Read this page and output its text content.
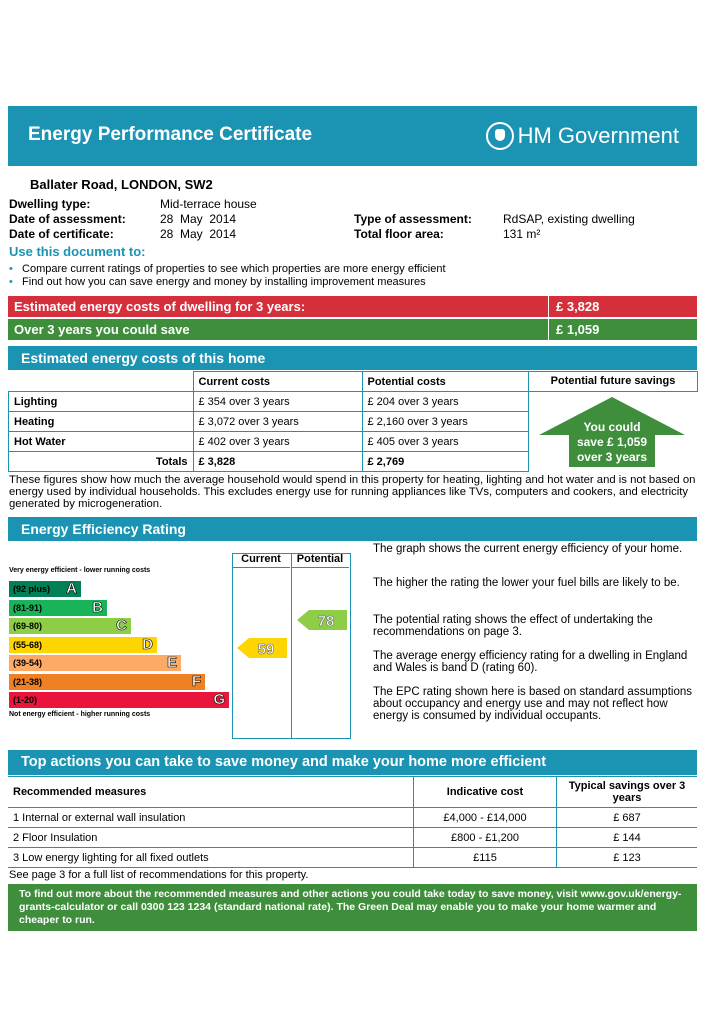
Energy Performance Certificate	HM Government
Ballater Road, LONDON, SW2
Dwelling type:	Mid-terrace house
Date of assessment:	28  May  2014
Date of certificate:	28  May  2014
Type of assessment:	RdSAP, existing dwelling
Total floor area:	131 m²
Use this document to:
• Compare current ratings of properties to see which properties are more energy efficient
• Find out how you can save energy and money by installing improvement measures
Estimated energy costs of dwelling for 3 years:	£ 3,828
Over 3 years you could save	£ 1,059
Estimated energy costs of this home
	Current costs	Potential costs
Lighting	£ 354 over 3 years	£ 204 over 3 years
Heating	£ 3,072 over 3 years	£ 2,160 over 3 years
Hot Water	£ 402 over 3 years	£ 405 over 3 years
Totals	£ 3,828	£ 2,769
Potential future savings
You could
save £ 1,059
over 3 years
These figures show how much the average household would spend in this property for heating, lighting and hot water and is not based on energy used by individual households. This excludes energy use for running appliances like TVs, computers and cookers, and electricity generated by microgeneration.
Energy Efficiency Rating
Very energy efficient - lower running costs
Not energy efficient - higher running costs
(92 plus) A
(81-91)	B
(69-80)	C
(55-68)	D
(39-54)	E
(21-38)	F
(1-20)	G
Current	Potential
59
78
The graph shows the current energy efficiency of your home.
The higher the rating the lower your fuel bills are likely to be.
The potential rating shows the effect of undertaking the recommendations on page 3.
The average energy efficiency rating for a dwelling in England and Wales is band D (rating 60).
The EPC rating shown here is based on standard assumptions about occupancy and energy use and may not reflect how energy is consumed by individual occupants.
Top actions you can take to save money and make your home more efficient
Recommended measures	Indicative cost	Typical savings over 3 years
1 Internal or external wall insulation	£4,000 - £14,000	£ 687
2 Floor Insulation	£800 - £1,200	£ 144
3 Low energy lighting for all fixed outlets	£115	£ 123
See page 3 for a full list of recommendations for this property.
To find out more about the recommended measures and other actions you could take today to save money, visit www.gov.uk/energy-grants-calculator or call 0300 123 1234 (standard national rate). The Green Deal may enable you to make your home warmer and cheaper to run.
